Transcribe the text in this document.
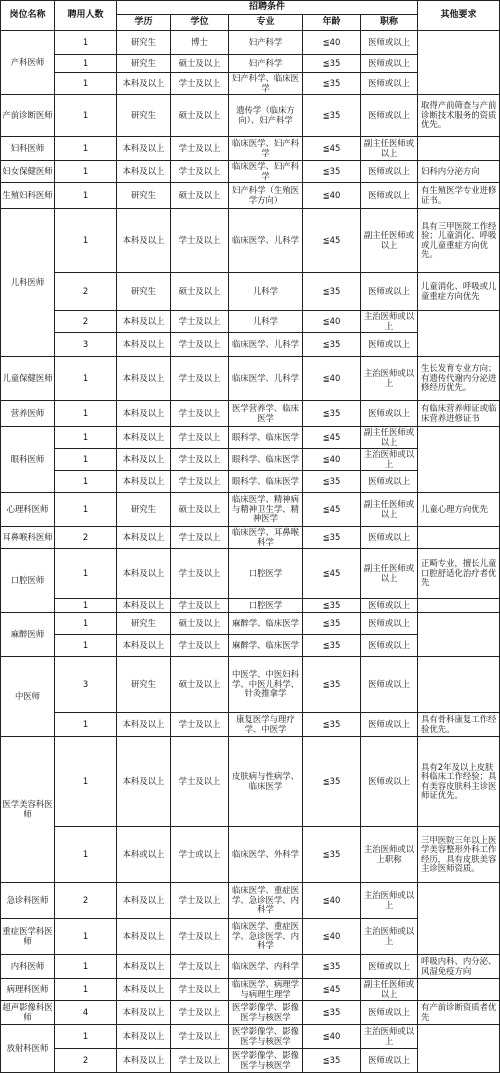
岗位名称	聘用人数	招聘条件					其他要求
		学历	学位	专业	年龄	职称	
产科医师	1	研究生	博士	妇产科学	≦40	医师或以上	
	1	研究生	硕士及以上	妇产科学	≦35	医师或以上	
	1	本科及以上	学士及以上	妇产科学、临床医学	≦35	医师或以上	
产前诊断医师	1	研究生	硕士及以上	遗传学（临床方向）、妇产科学	≦35	医师或以上	取得产前筛查与产前诊断技术服务的资质优先。
妇科医师	1	本科及以上	学士及以上	临床医学、妇产科学	≦45	副主任医师或以上	
妇女保健医师	1	本科及以上	学士及以上	临床医学、妇产科学	≦35	医师或以上	妇科内分泌方向
生殖妇科医师	1	研究生	硕士及以上	妇产科学（生殖医学方向）	≦40	医师或以上	有生殖医学专业进修证书。
儿科医师	1	本科及以上	学士及以上	临床医学、儿科学	≦45	副主任医师或以上	具有三甲医院工作经验；儿童消化、呼吸或儿童重症方向优先。
	2	研究生	硕士及以上	儿科学	≦35	医师或以上	儿童消化、呼吸或儿童重症方向优先
	2	本科及以上	学士及以上	儿科学	≦40	主治医师或以上	
	3	本科及以上	学士及以上	临床医学、儿科学	≦35	医师或以上	
儿童保健医师	1	本科及以上	学士及以上	临床医学、儿科学	≦40	主治医师或以上	生长发育专业方向；有遗传代谢内分泌进修经历优先。
营养医师	1	本科及以上	学士及以上	医学营养学、临床医学	≦35	医师或以上	有临床营养师证或临床营养进修证书
眼科医师	1	本科及以上	学士及以上	眼科学、临床医学	≦45	副主任医师或以上	
	1	本科及以上	学士及以上	眼科学、临床医学	≦40	主治医师或以上	
	1	本科及以上	学士及以上	眼科学、临床医学	≦35	医师或以上	
心理科医师	1	研究生	硕士及以上	临床医学、精神病与精神卫生学、精神医学	≦45	副主任医师或以上	儿童心理方向优先
耳鼻喉科医师	2	本科及以上	学士及以上	临床医学、耳鼻喉科学	≦35	医师或以上	
口腔医师	1	本科及以上	学士及以上	口腔医学	≦45	副主任医师或以上	正畸专业，擅长儿童口腔舒适化治疗者优先
	1	本科及以上	学士及以上	口腔医学	≦35	医师或以上	
麻醉医师	1	研究生	硕士及以上	麻醉学、临床医学	≦35	医师或以上	
	1	本科及以上	学士及以上	麻醉学、临床医学	≦35	医师或以上	
中医师	3	研究生	硕士及以上	中医学、中医妇科学、中医儿科学、针灸推拿学	≦35	医师或以上	
	1	本科及以上	学士及以上	康复医学与理疗学、中医学	≦35	医师或以上	具有骨科康复工作经验优先。
医学美容科医师	1	本科及以上	学士及以上	皮肤病与性病学、临床医学	≦35	医师或以上	具有2年及以上皮肤科临床工作经验；具有美容皮肤科主诊医师证优先。
	1	本科或以上	学士或以上	临床医学、外科学	≦35	主治医师或以上职称	三甲医院三年以上医学美容整形外科工作经历，具有皮肤美容主诊医师资质。
急诊科医师	2	本科及以上	学士及以上	临床医学、重症医学、急诊医学、内科学	≦40	主治医师或以上	
重症医学科医师	1	本科及以上	学士及以上	临床医学、重症医学、急诊医学、内科学	≦40	主治医师或以上	
内科医师	1	本科及以上	学士及以上	临床医学、内科学	≦35	医师或以上	呼吸内科、内分泌、风湿免疫方向
病理科医师	1	本科及以上	学士及以上	临床医学、病理学与病理生理学	≦45	副主任医师或以上	
超声影像科医师	4	本科及以上	学士及以上	医学影像学、影像医学与核医学	≦35	医师或以上	有产前诊断资质者优先
放射科医师	1	本科及以上	学士及以上	医学影像学、影像医学与核医学	≦40	主治医师或以上	
	2	本科及以上	学士及以上	医学影像学、影像医学与核医学	≦35	医师或以上	
